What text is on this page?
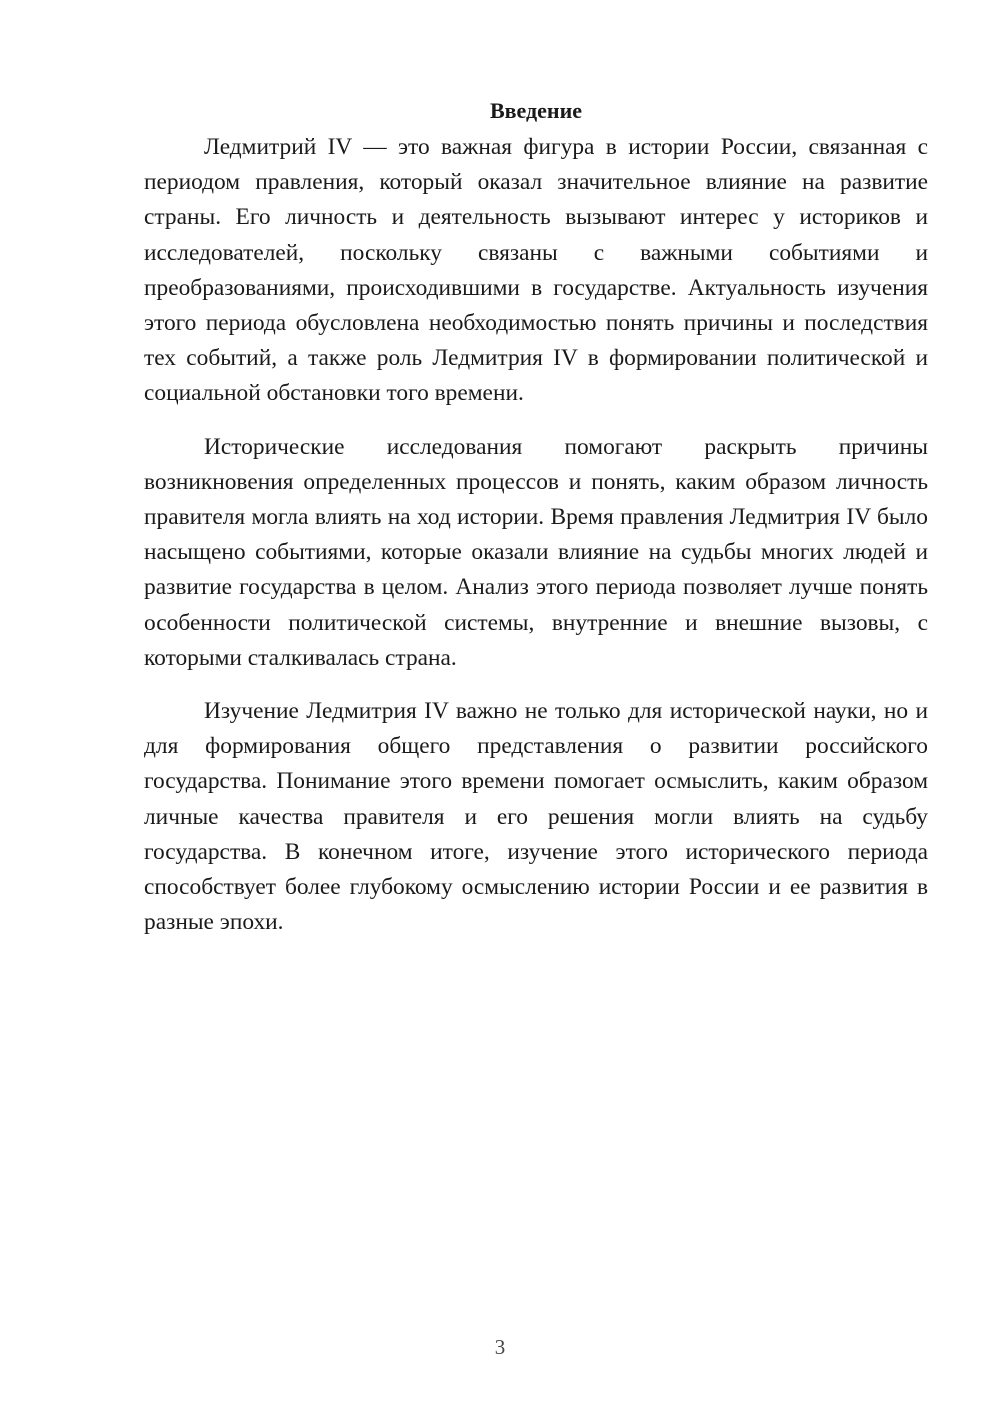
Введение

Ледмитрий IV — это важная фигура в истории России, связанная с периодом правления, который оказал значительное влияние на развитие страны. Его личность и деятельность вызывают интерес у историков и исследователей, поскольку связаны с важными событиями и преобразованиями, происходившими в государстве. Актуальность изучения этого периода обусловлена необходимостью понять причины и последствия тех событий, а также роль Ледмитрия IV в формировании политической и социальной обстановки того времени.

Исторические исследования помогают раскрыть причины возникновения определенных процессов и понять, каким образом личность правителя могла влиять на ход истории. Время правления Ледмитрия IV было насыщено событиями, которые оказали влияние на судьбы многих людей и развитие государства в целом. Анализ этого периода позволяет лучше понять особенности политической системы, внутренние и внешние вызовы, с которыми сталкивалась страна.

Изучение Ледмитрия IV важно не только для исторической науки, но и для формирования общего представления о развитии российского государства. Понимание этого времени помогает осмыслить, каким образом личные качества правителя и его решения могли влиять на судьбу государства. В конечном итоге, изучение этого исторического периода способствует более глубокому осмыслению истории России и ее развития в разные эпохи.

3
